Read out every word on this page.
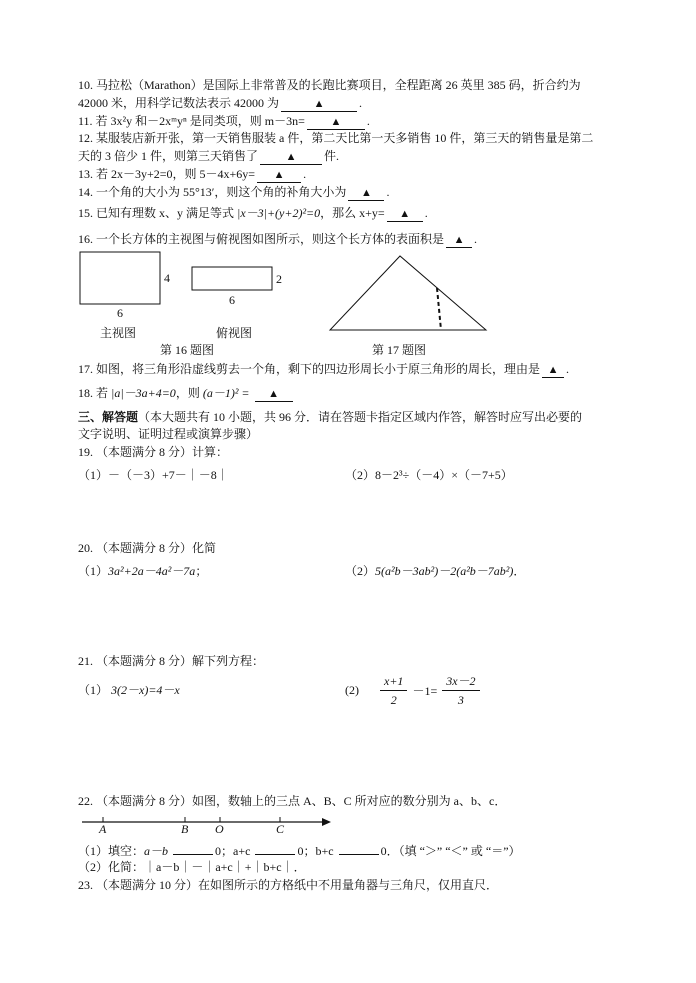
10. 马拉松（Marathon）是国际上非常普及的长跑比赛项目，全程距离 26 英里 385 码，折合约为
42000 米，用科学记数法表示 42000 为	▲	.
11. 若 3x²y 和－2xᵐyⁿ 是同类项，则 m－3n= ▲ .
12. 某服装店新开张，第一天销售服装 a 件，第二天比第一天多销售 10 件，第三天的销售量是第二
天的 3 倍少 1 件，则第三天销售了	▲ 件.
13. 若 2x－3y+2=0，则 5－4x+6y= ▲ .
14. 一个角的大小为 55°13′，则这个角的补角大小为 ▲ .
15. 已知有理数 x、y 满足等式 |x－3|+(y+2)²=0，那么 x+y= ▲ .
16. 一个长方体的主视图与俯视图如图所示，则这个长方体的表面积是 ▲ .
4
6
主视图
2
6
俯视图
第 16 题图	第 17 题图
17. 如图，将三角形沿虚线剪去一个角，剩下的四边形周长小于原三角形的周长，理由是 ▲ .
18. 若 |a|－3a+4=0，则 (a－1)² = ▲
三、解答题（本大题共有 10 小题，共 96 分．请在答题卡指定区域内作答，解答时应写出必要的
文字说明、证明过程或演算步骤）
19. （本题满分 8 分）计算：
（1）－（－3）+7－｜－8｜	（2）8－2³÷（－4）×（－7+5）
20. （本题满分 8 分）化简
（1）3a²+2a－4a²－7a；	（2）5(a²b－3ab²)－2(a²b－7ab²)．
21. （本题满分 8 分）解下列方程：
（1） 3(2－x)=4－x	$(2) \frac{x+1}{2} -1= \frac{3x-2}{3}$
22. （本题满分 8 分）如图，数轴上的三点 A、B、C 所对应的数分别为 a、b、c．
A	B O	C
（1）填空：a－b	0；a+c	0；b+c	0．（填 “＞” “＜” 或 “＝”）
（2）化简：｜a－b｜－｜a+c｜+｜b+c｜．
23. （本题满分 10 分）在如图所示的方格纸中不用量角器与三角尺，仅用直尺．
